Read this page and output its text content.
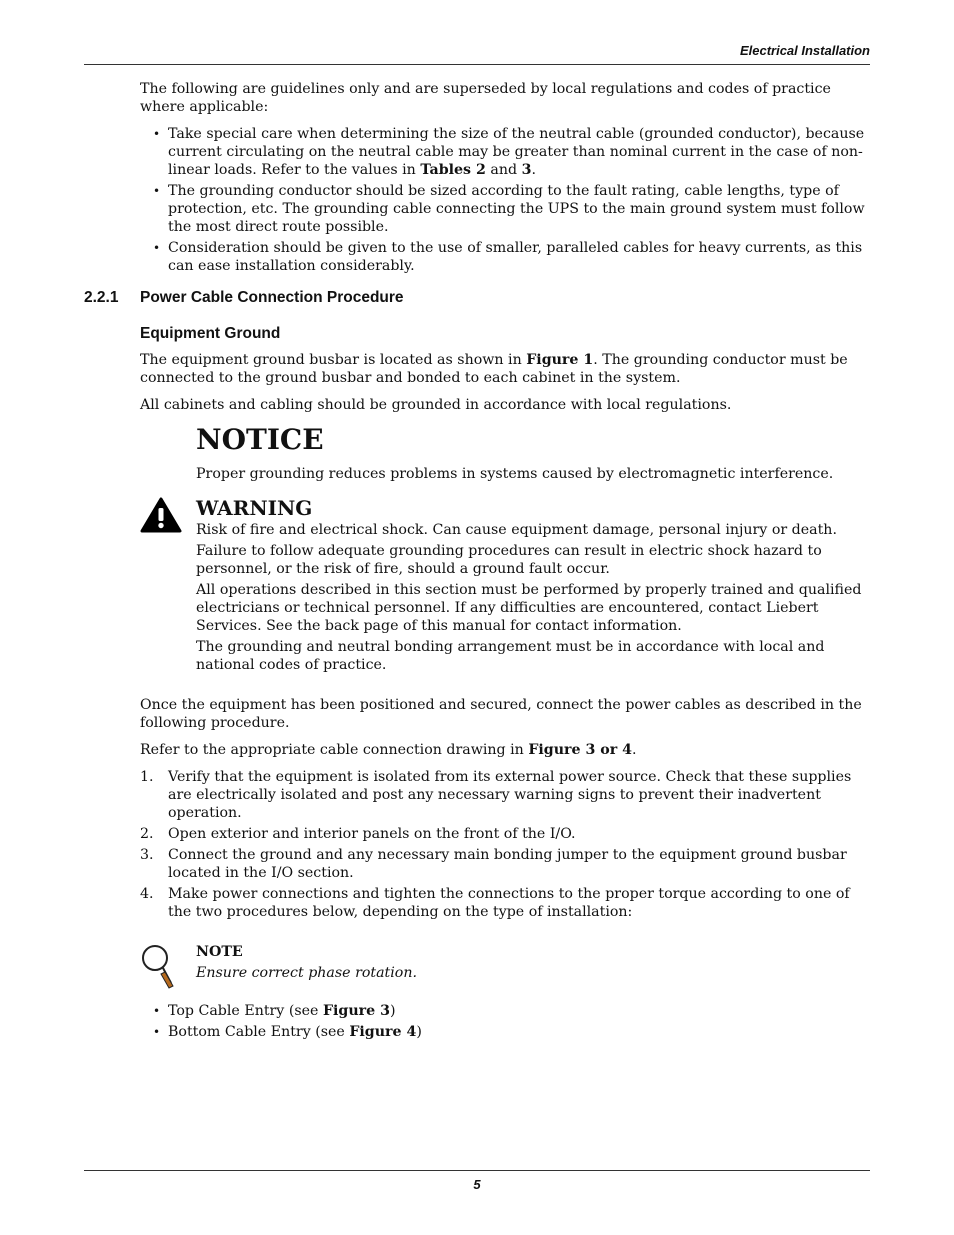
Electrical Installation

The following are guidelines only and are superseded by local regulations and codes of practice where applicable:

• Take special care when determining the size of the neutral cable (grounded conductor), because current circulating on the neutral cable may be greater than nominal current in the case of non-linear loads. Refer to the values in Tables 2 and 3.
• The grounding conductor should be sized according to the fault rating, cable lengths, type of protection, etc. The grounding cable connecting the UPS to the main ground system must follow the most direct route possible.
• Consideration should be given to the use of smaller, paralleled cables for heavy currents, as this can ease installation considerably.
2.2.1 Power Cable Connection Procedure
Equipment Ground

The equipment ground busbar is located as shown in Figure 1. The grounding conductor must be connected to the ground busbar and bonded to each cabinet in the system.

All cabinets and cabling should be grounded in accordance with local regulations.

NOTICE

Proper grounding reduces problems in systems caused by electromagnetic interference.

WARNING

Risk of fire and electrical shock. Can cause equipment damage, personal injury or death.

Failure to follow adequate grounding procedures can result in electric shock hazard to personnel, or the risk of fire, should a ground fault occur.

All operations described in this section must be performed by properly trained and qualified electricians or technical personnel. If any difficulties are encountered, contact Liebert Services. See the back page of this manual for contact information.

The grounding and neutral bonding arrangement must be in accordance with local and national codes of practice.

Once the equipment has been positioned and secured, connect the power cables as described in the following procedure.

Refer to the appropriate cable connection drawing in Figure 3 or 4.

1. Verify that the equipment is isolated from its external power source. Check that these supplies are electrically isolated and post any necessary warning signs to prevent their inadvertent operation.
2. Open exterior and interior panels on the front of the I/O.
3. Connect the ground and any necessary main bonding jumper to the equipment ground busbar located in the I/O section.
4. Make power connections and tighten the connections to the proper torque according to one of the two procedures below, depending on the type of installation:

NOTE

Ensure correct phase rotation.

• Top Cable Entry (see Figure 3)
• Bottom Cable Entry (see Figure 4)
5
